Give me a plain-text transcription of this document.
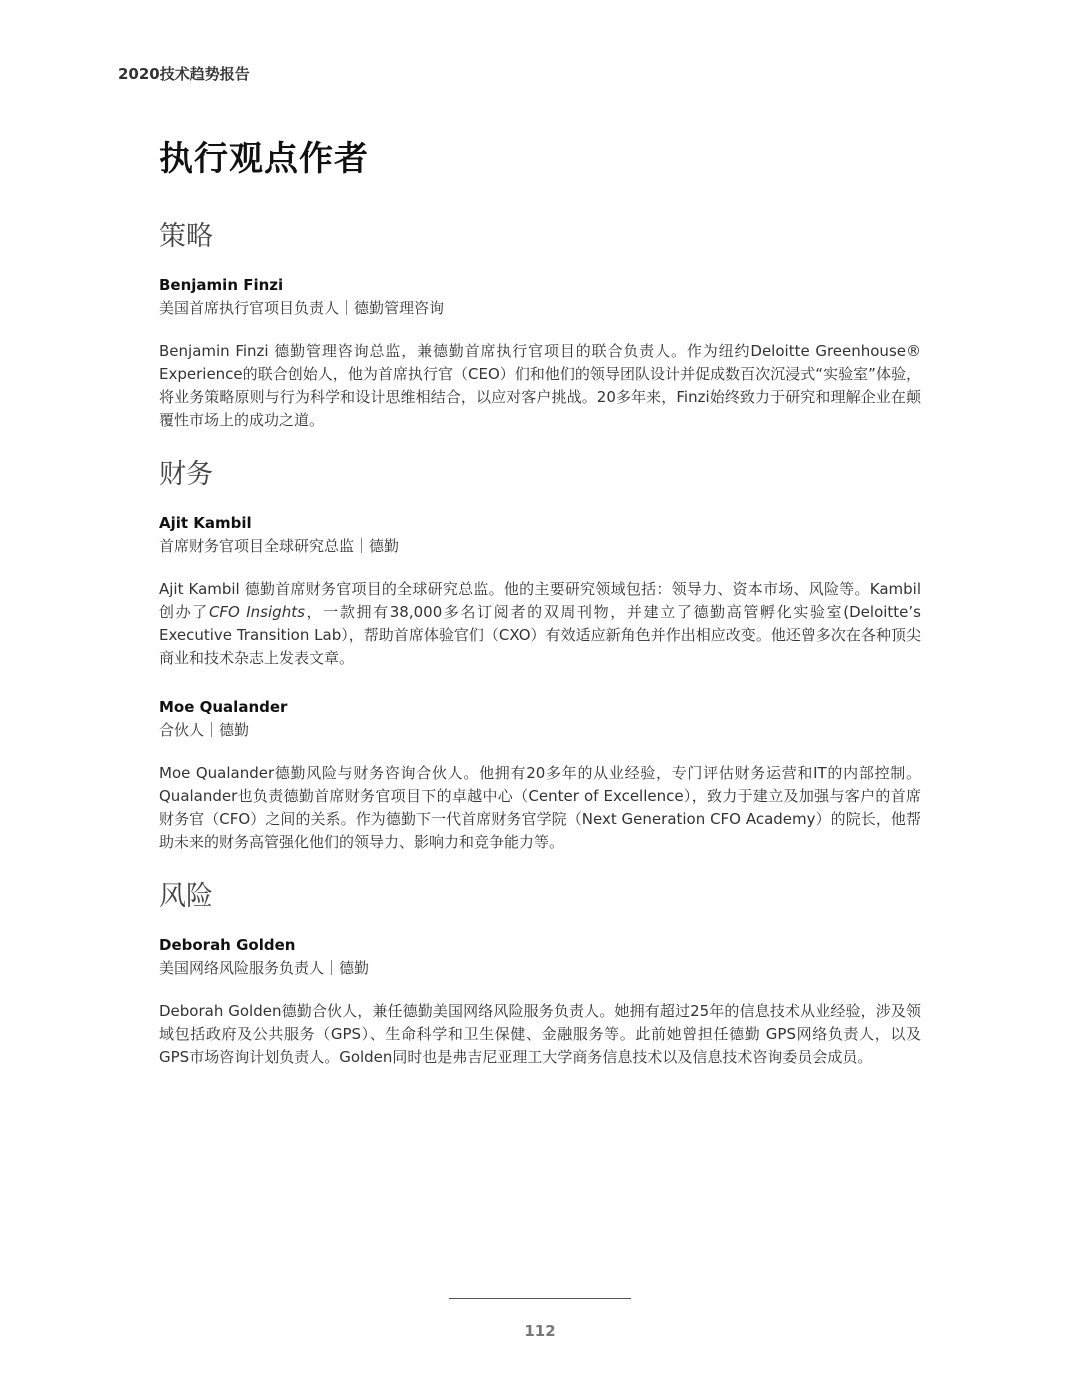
2020技术趋势报告
执行观点作者
策略

Benjamin Finzi

美国首席执行官项目负责人｜德勤管理咨询

Benjamin Finzi 德勤管理咨询总监，兼德勤首席执行官项目的联合负责人。作为纽约Deloitte Greenhouse® Experience的联合创始人，他为首席执行官（CEO）们和他们的领导团队设计并促成数百次沉浸式“实验室”体验，将业务策略原则与行为科学和设计思维相结合，以应对客户挑战。20多年来，Finzi始终致力于研究和理解企业在颠覆性市场上的成功之道。

财务

Ajit Kambil

首席财务官项目全球研究总监｜德勤

Ajit Kambil 德勤首席财务官项目的全球研究总监。他的主要研究领域包括：领导力、资本市场、风险等。Kambil创办了CFO Insights，一款拥有38,000多名订阅者的双周刊物，并建立了德勤高管孵化实验室(Deloitte’s Executive Transition Lab），帮助首席体验官们（CXO）有效适应新角色并作出相应改变。他还曾多次在各种顶尖商业和技术杂志上发表文章。

Moe Qualander

合伙人｜德勤

Moe Qualander德勤风险与财务咨询合伙人。他拥有20多年的从业经验，专门评估财务运营和IT的内部控制。Qualander也负责德勤首席财务官项目下的卓越中心（Center of Excellence），致力于建立及加强与客户的首席财务官（CFO）之间的关系。作为德勤下一代首席财务官学院（Next Generation CFO Academy）的院长，他帮助未来的财务高管强化他们的领导力、影响力和竞争能力等。

风险

Deborah Golden

美国网络风险服务负责人｜德勤

Deborah Golden德勤合伙人，兼任德勤美国网络风险服务负责人。她拥有超过25年的信息技术从业经验，涉及领域包括政府及公共服务（GPS）、生命科学和卫生保健、金融服务等。此前她曾担任德勤 GPS网络负责人，以及GPS市场咨询计划负责人。Golden同时也是弗吉尼亚理工大学商务信息技术以及信息技术咨询委员会成员。

112
